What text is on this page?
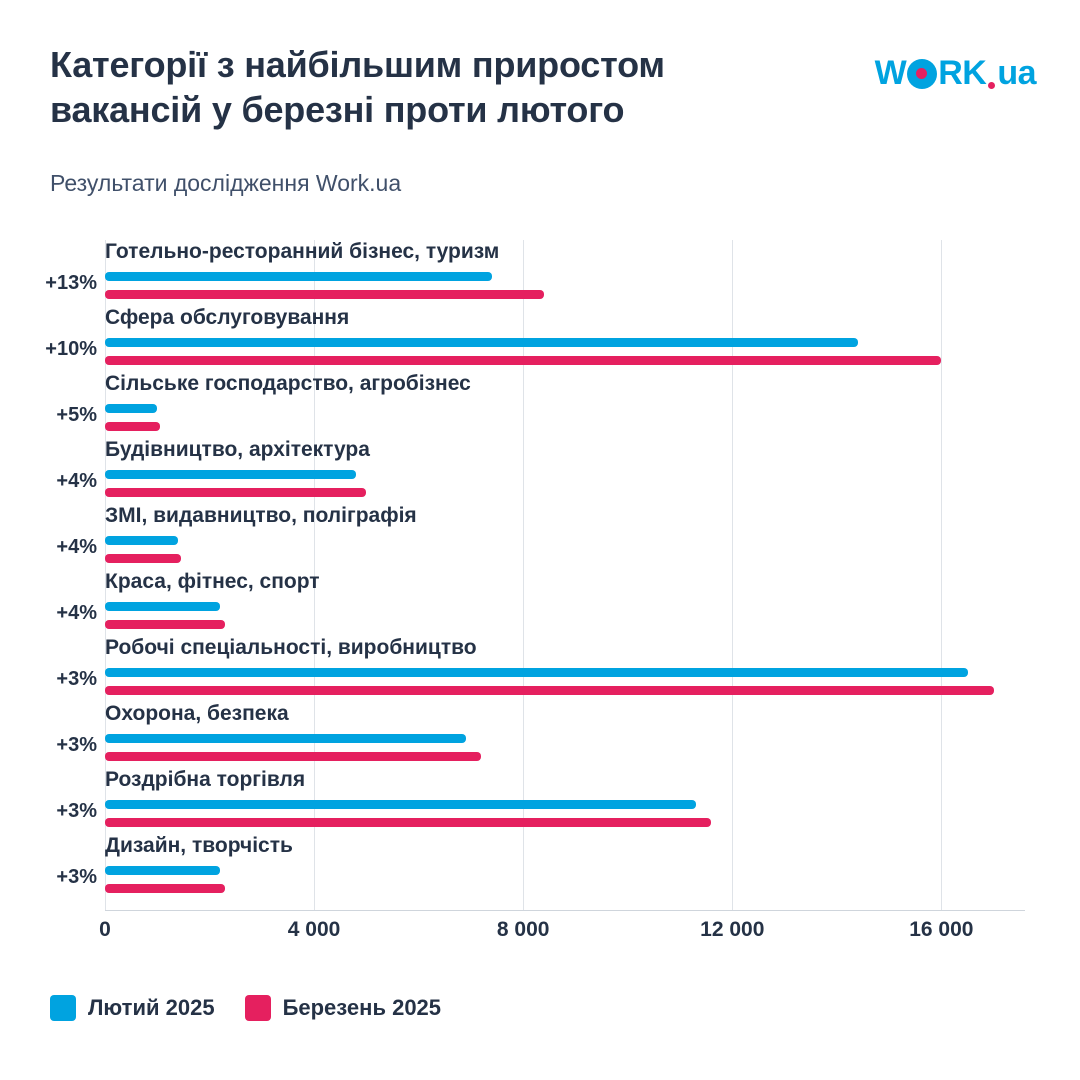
Категорії з найбільшим приростом вакансій у березні проти лютого
W RK ua
Результати дослідження Work.ua
Готельно-ресторанний бізнес, туризм
+13%
Сфера обслуговування
+10%
Сільське господарство, агробізнес
+5%
Будівництво, архітектура
+4%
ЗМІ, видавництво, поліграфія
+4%
Краса, фітнес, спорт
+4%
Робочі спеціальності, виробництво
+3%
Охорона, безпека
+3%
Роздрібна торгівля
+3%
Дизайн, творчість
+3%
0	4 000	8 000	12 000	16 000
Лютий 2025	Березень 2025
